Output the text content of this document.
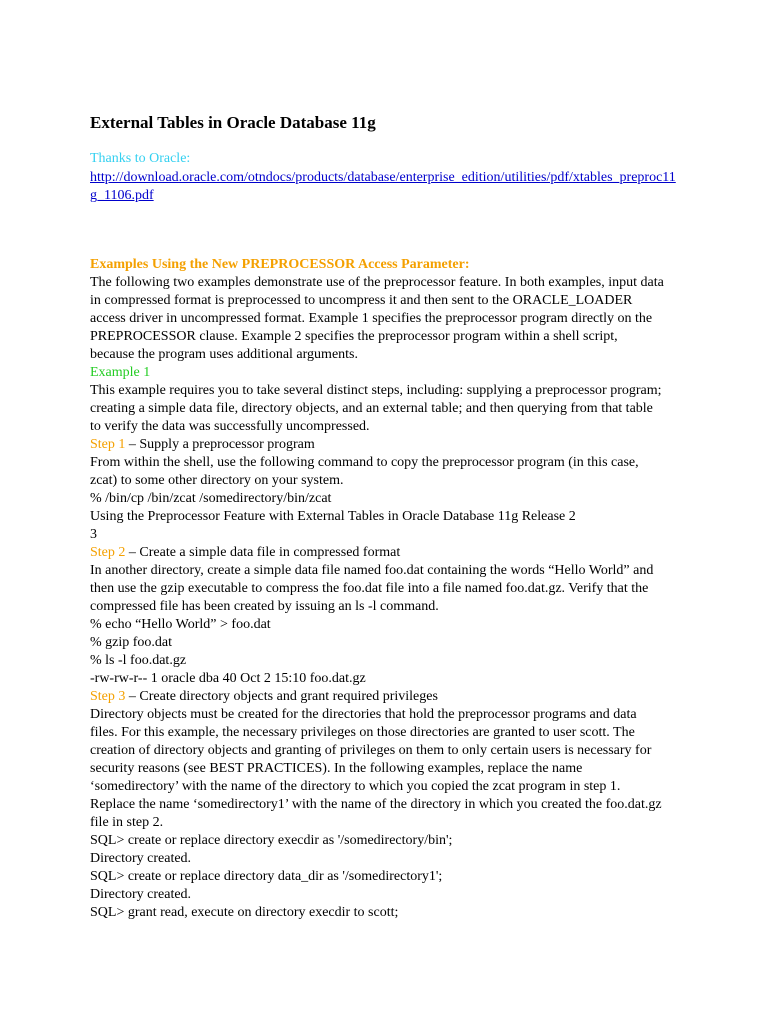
External Tables in Oracle Database 11g
Thanks to Oracle:
http://download.oracle.com/otndocs/products/database/enterprise_edition/utilities/pdf/xtables_preproc11g_1106.pdf

Examples Using the New PREPROCESSOR Access Parameter:

The following two examples demonstrate use of the preprocessor feature. In both examples, input data in compressed format is preprocessed to uncompress it and then sent to the ORACLE_LOADER access driver in uncompressed format. Example 1 specifies the preprocessor program directly on the PREPROCESSOR clause. Example 2 specifies the preprocessor program within a shell script, because the program uses additional arguments.

Example 1

This example requires you to take several distinct steps, including: supplying a preprocessor program; creating a simple data file, directory objects, and an external table; and then querying from that table to verify the data was successfully uncompressed.

Step 1 – Supply a preprocessor program

From within the shell, use the following command to copy the preprocessor program (in this case, zcat) to some other directory on your system.

% /bin/cp /bin/zcat /somedirectory/bin/zcat

Using the Preprocessor Feature with External Tables in Oracle Database 11g Release 2

3

Step 2 – Create a simple data file in compressed format

In another directory, create a simple data file named foo.dat containing the words “Hello World” and then use the gzip executable to compress the foo.dat file into a file named foo.dat.gz. Verify that the compressed file has been created by issuing an ls -l command.

% echo “Hello World” > foo.dat

% gzip foo.dat

% ls -l foo.dat.gz

-rw-rw-r-- 1 oracle dba 40 Oct 2 15:10 foo.dat.gz

Step 3 – Create directory objects and grant required privileges

Directory objects must be created for the directories that hold the preprocessor programs and data files. For this example, the necessary privileges on those directories are granted to user scott. The creation of directory objects and granting of privileges on them to only certain users is necessary for security reasons (see BEST PRACTICES). In the following examples, replace the name ‘somedirectory’ with the name of the directory to which you copied the zcat program in step 1. Replace the name ‘somedirectory1’ with the name of the directory in which you created the foo.dat.gz file in step 2.

SQL> create or replace directory execdir as '/somedirectory/bin';

Directory created.

SQL> create or replace directory data_dir as '/somedirectory1';

Directory created.

SQL> grant read, execute on directory execdir to scott;
